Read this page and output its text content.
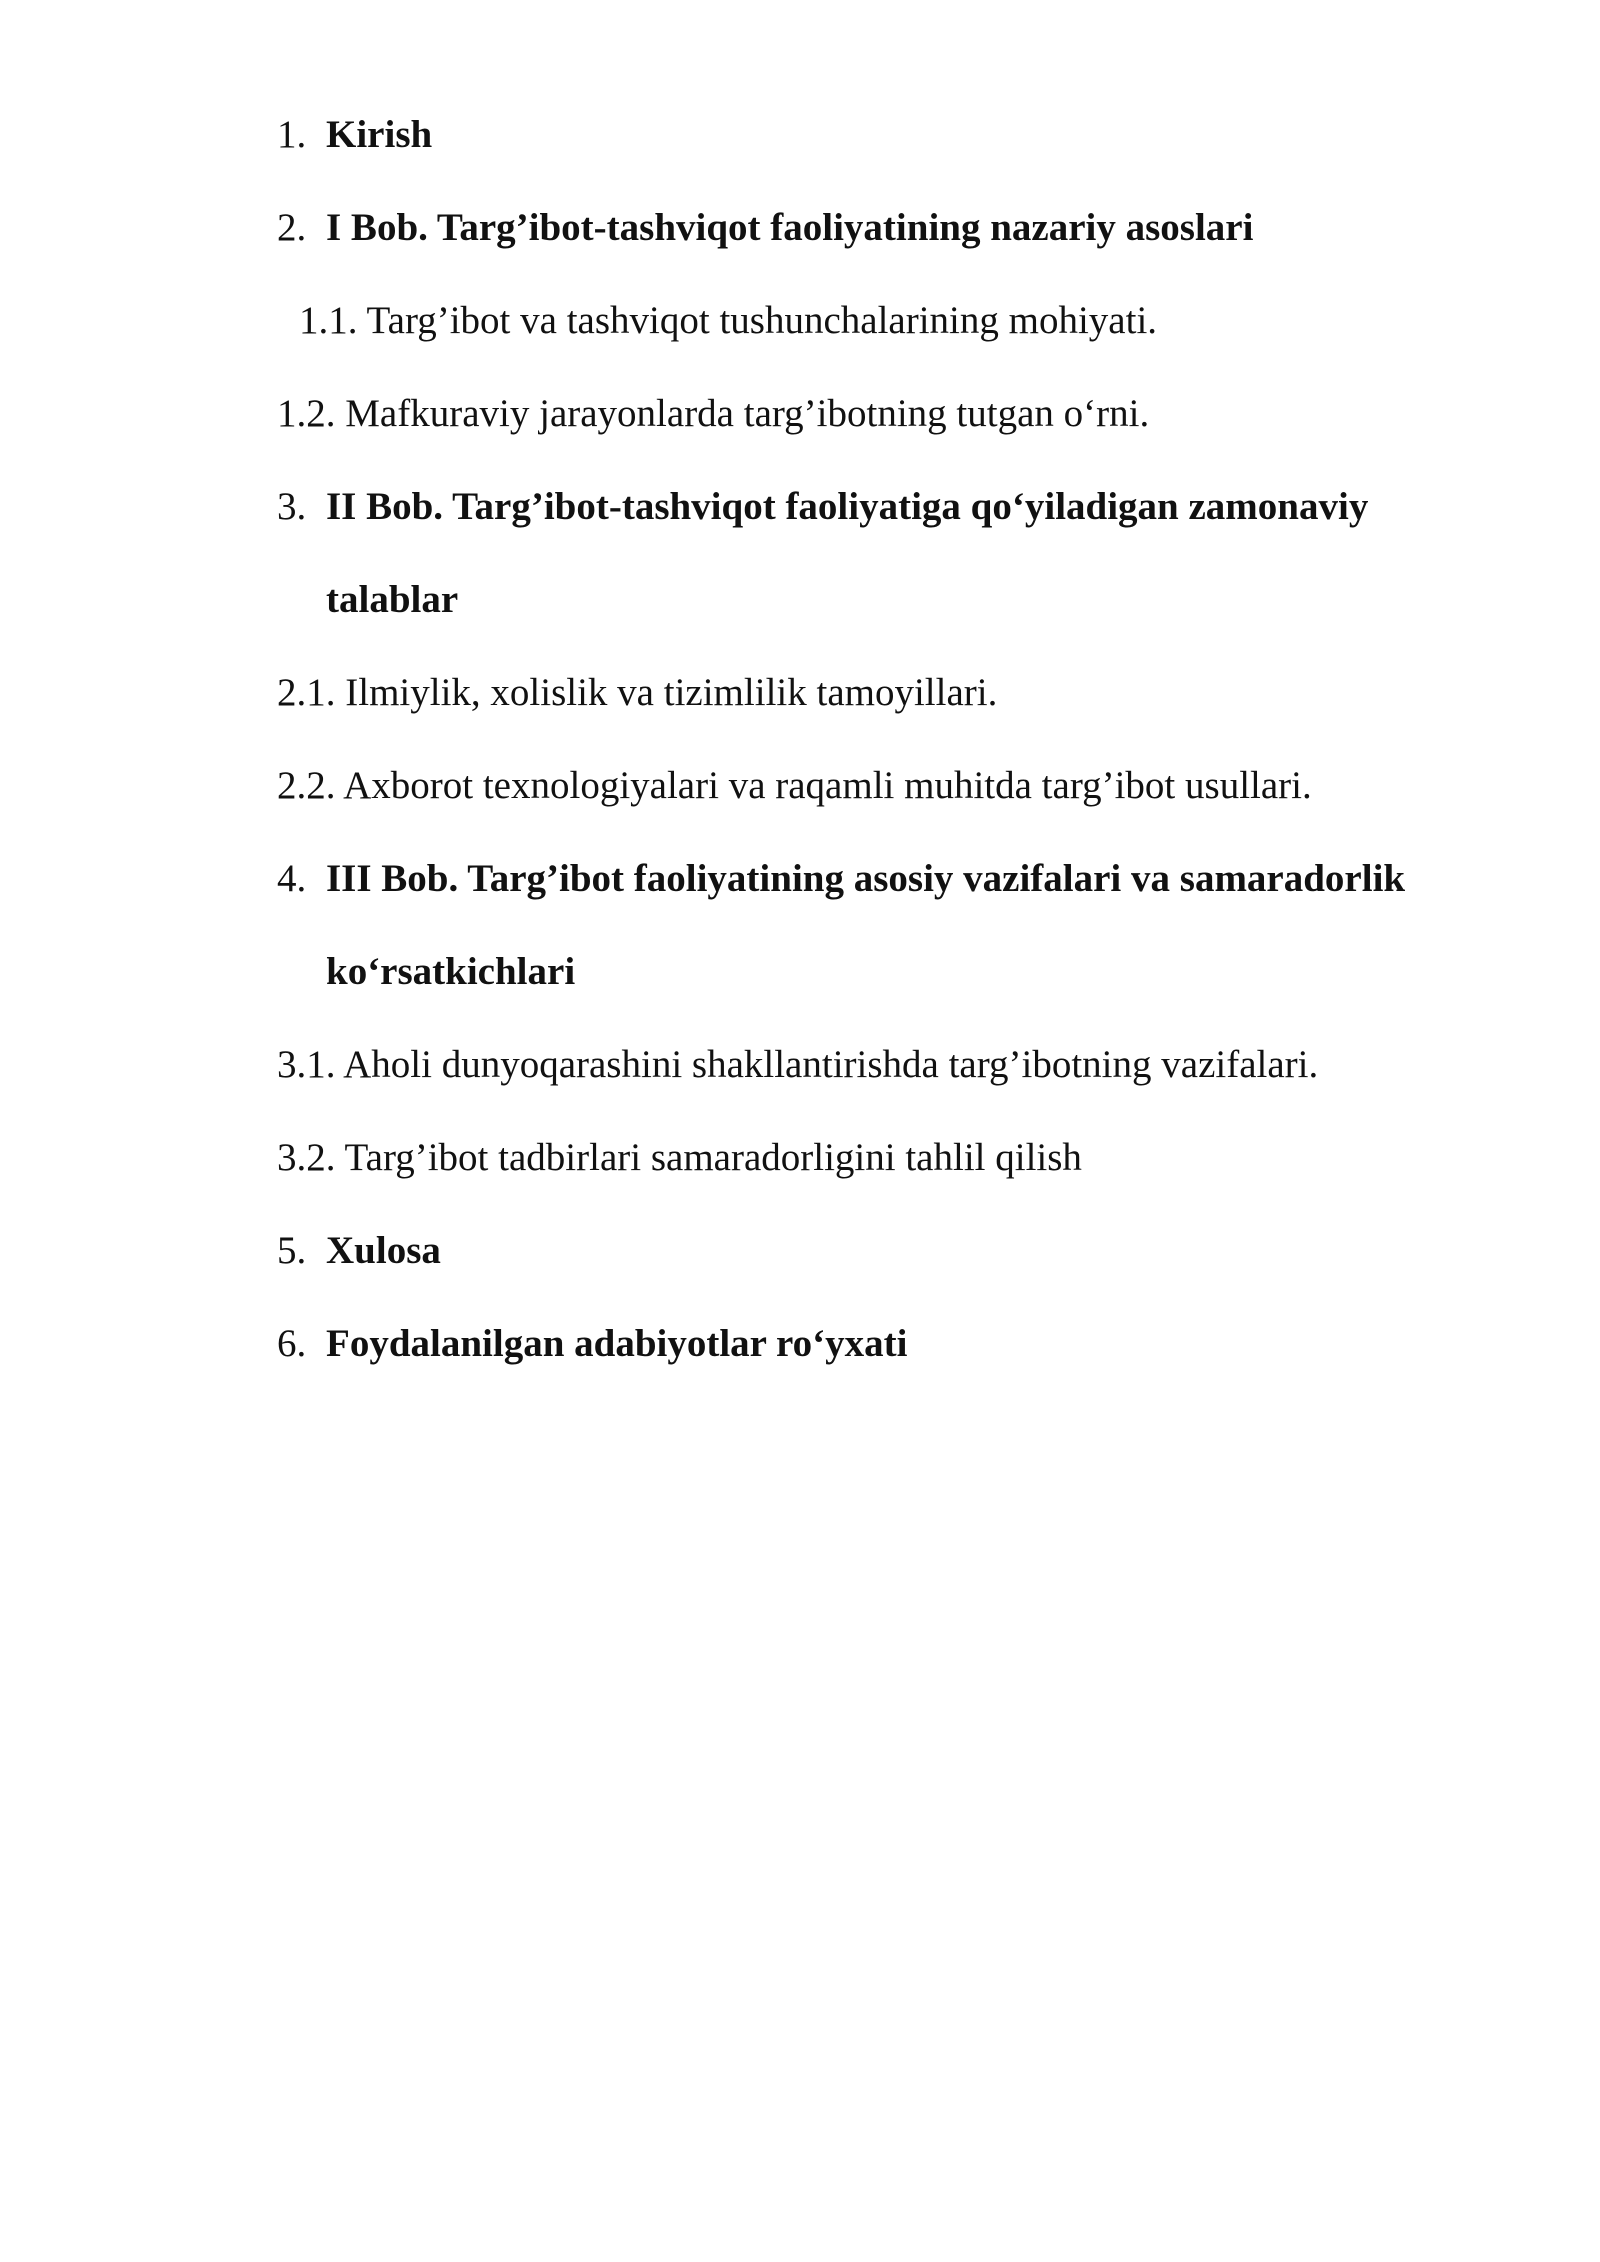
1. Kirish
2. I Bob. Targ’ibot-tashviqot faoliyatining nazariy asoslari
1.1. Targ’ibot va tashviqot tushunchalarining mohiyati.
1.2. Mafkuraviy jarayonlarda targ’ibotning tutgan o‘rni.
3. II Bob. Targ’ibot-tashviqot faoliyatiga qo‘yiladigan zamonaviy talablar
2.1. Ilmiylik, xolislik va tizimlilik tamoyillari.
2.2. Axborot texnologiyalari va raqamli muhitda targ’ibot usullari.
4. III Bob. Targ’ibot faoliyatining asosiy vazifalari va samaradorlik ko‘rsatkichlari
3.1. Aholi dunyoqarashini shakllantirishda targ’ibotning vazifalari.
3.2. Targ’ibot tadbirlari samaradorligini tahlil qilish
5. Xulosa
6. Foydalanilgan adabiyotlar ro‘yxati
